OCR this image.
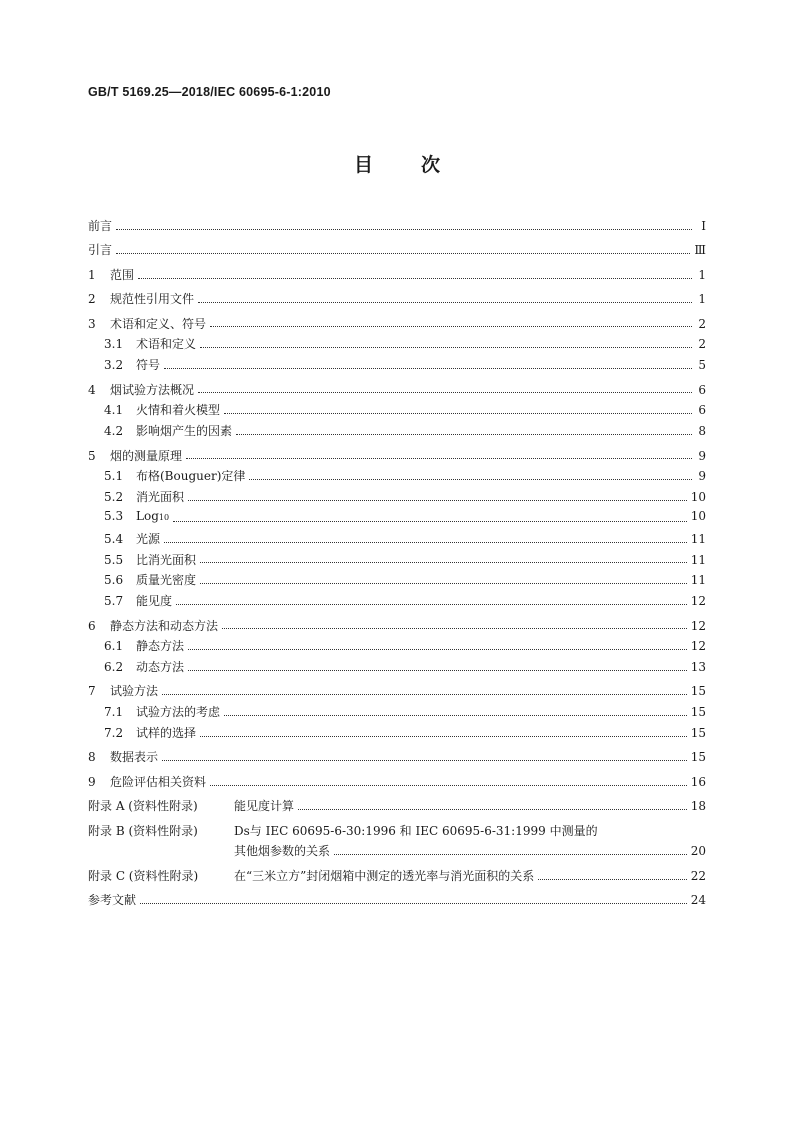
GB/T 5169.25—2018/IEC 60695-6-1:2010
目	次
前言	Ⅰ
引言	Ⅲ
1	范围	1
2	规范性引用文件	1
3	术语和定义、符号	2
3.1	术语和定义	2
3.2	符号	5
4	烟试验方法概况	6
4.1	火情和着火模型	6
4.2	影响烟产生的因素	8
5	烟的测量原理	9
5.1	布格(Bouguer)定律	9
5.2	消光面积	10
5.3	Log10	10
5.4	光源	11
5.5	比消光面积	11
5.6	质量光密度	11
5.7	能见度	12
6	静态方法和动态方法	12
6.1	静态方法	12
6.2	动态方法	13
7	试验方法	15
7.1	试验方法的考虑	15
7.2	试样的选择	15
8	数据表示	15
9	危险评估相关资料	16
附录 A (资料性附录)	能见度计算	18
附录 B (资料性附录)	Ds与 IEC 60695-6-30:1996 和 IEC 60695-6-31:1999 中测量的
其他烟参数的关系	20
附录 C (资料性附录)	在“三米立方”封闭烟箱中测定的透光率与消光面积的关系	22
参考文献	24
